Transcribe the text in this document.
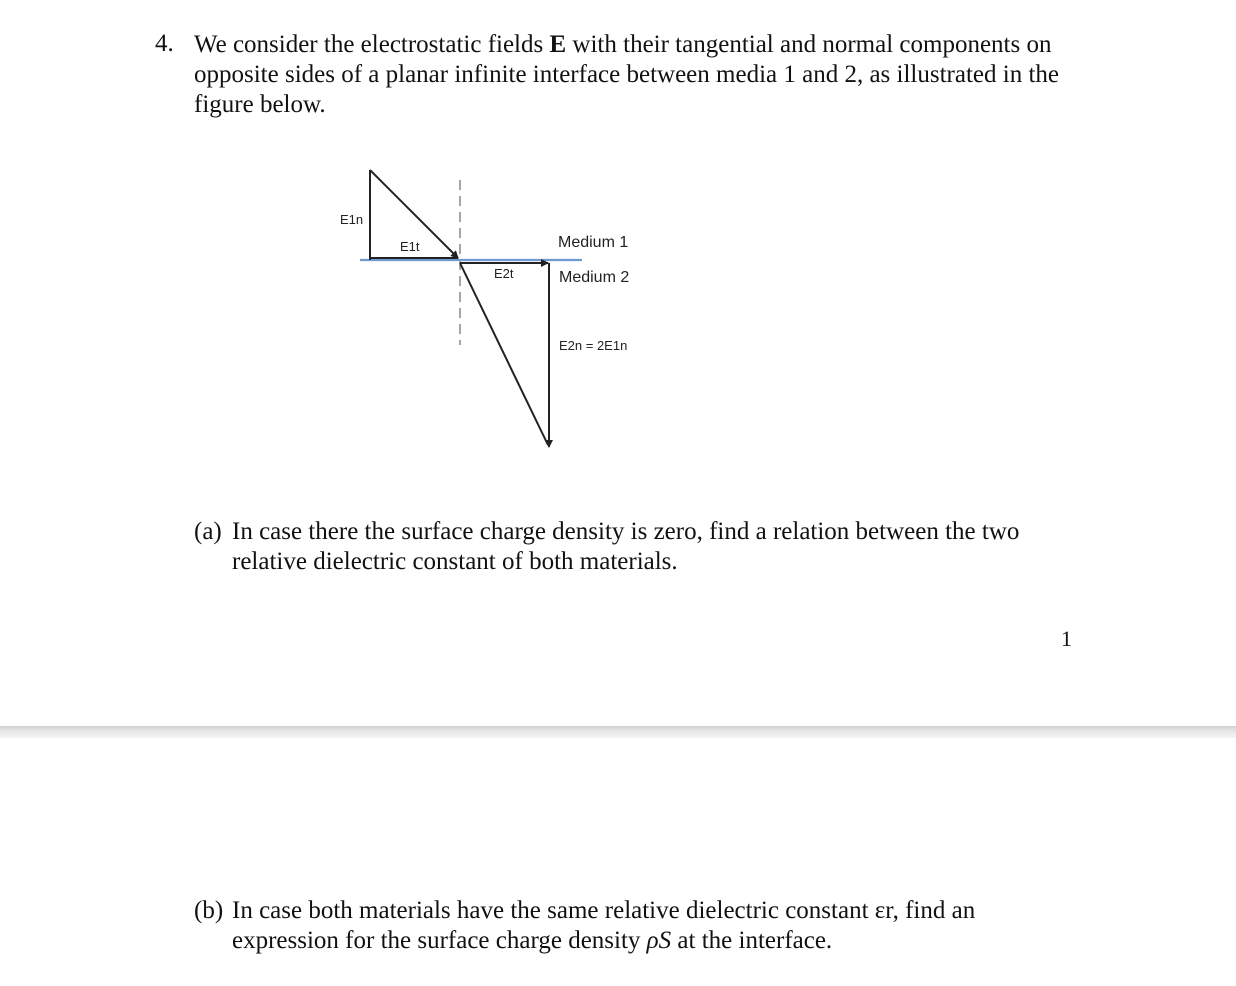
4. We consider the electrostatic fields E with their tangential and normal components on opposite sides of a planar infinite interface between media 1 and 2, as illustrated in the figure below.
E1n
E1t
E2t
Medium 1
Medium 2
E2n = 2E1n
(a) In case there the surface charge density is zero, find a relation between the two relative dielectric constant of both materials.
1
(b) In case both materials have the same relative dielectric constant εr, find an expression for the surface charge density ρS at the interface.
